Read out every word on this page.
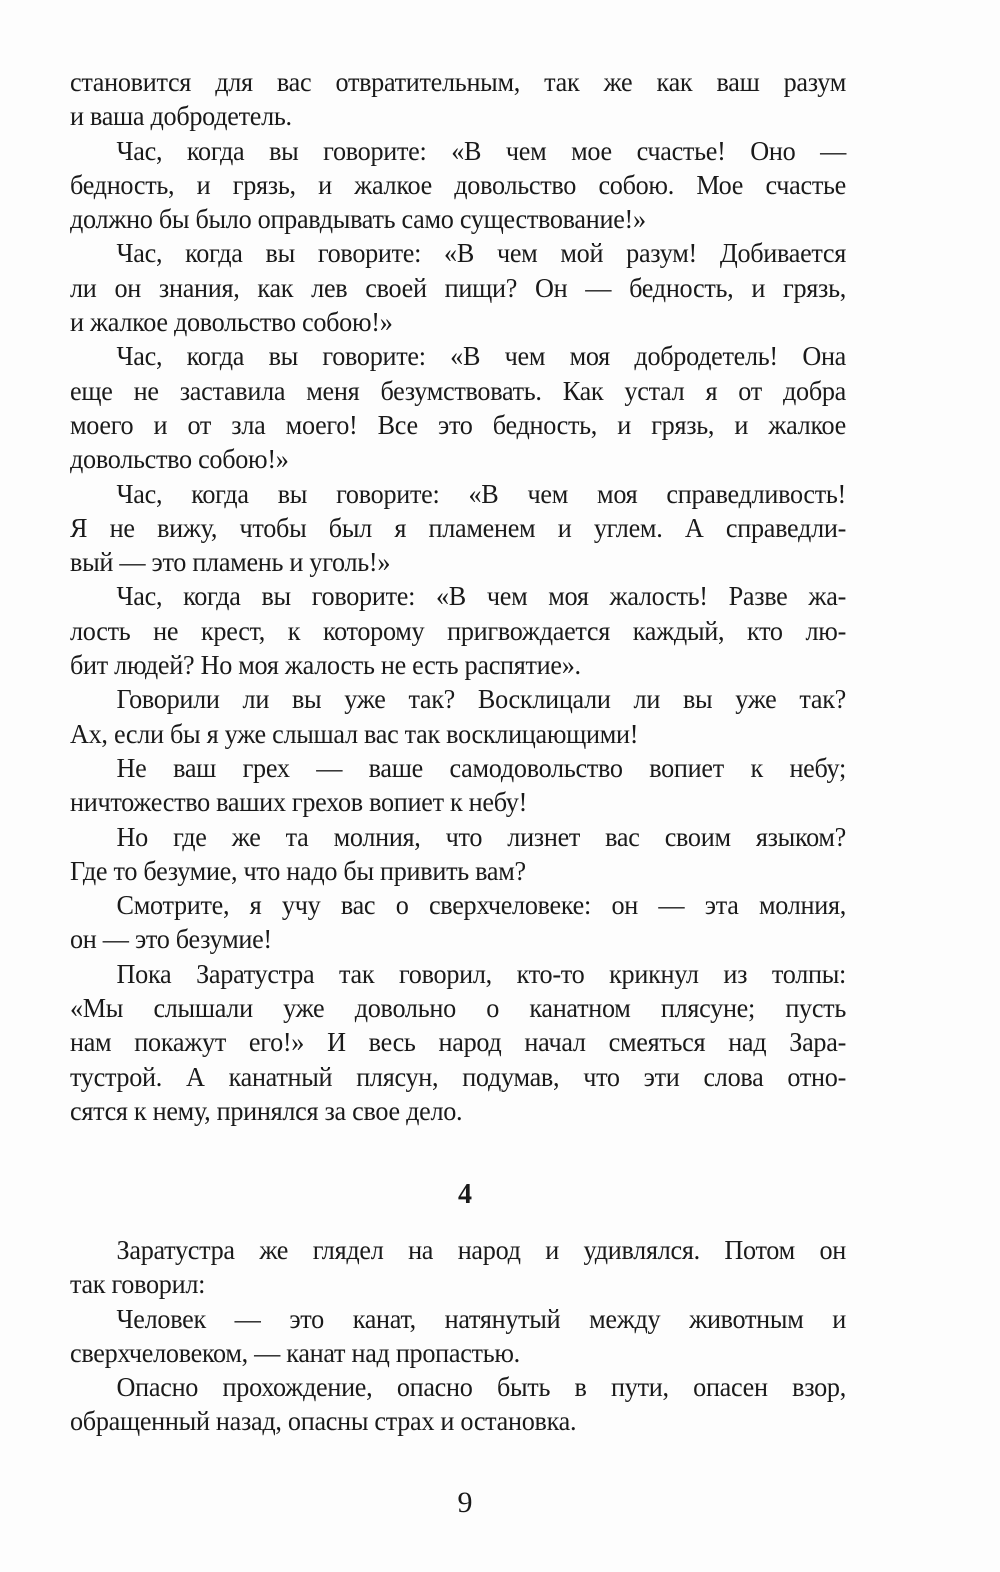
становится для вас отвратительным, так же как ваш разум
и ваша добродетель.
Час, когда вы говорите: «В чем мое счастье! Оно —
бедность, и грязь, и жалкое довольство собою. Мое счастье
должно бы было оправдывать само существование!»
Час, когда вы говорите: «В чем мой разум! Добивается
ли он знания, как лев своей пищи? Он — бедность, и грязь,
и жалкое довольство собою!»
Час, когда вы говорите: «В чем моя добродетель! Она
еще не заставила меня безумствовать. Как устал я от добра
моего и от зла моего! Все это бедность, и грязь, и жалкое
довольство собою!»
Час, когда вы говорите: «В чем моя справедливость!
Я не вижу, чтобы был я пламенем и углем. А справедли-
вый — это пламень и уголь!»
Час, когда вы говорите: «В чем моя жалость! Разве жа-
лость не крест, к которому пригвождается каждый, кто лю-
бит людей? Но моя жалость не есть распятие».
Говорили ли вы уже так? Восклицали ли вы уже так?
Ах, если бы я уже слышал вас так восклицающими!
Не ваш грех — ваше самодовольство вопиет к небу;
ничтожество ваших грехов вопиет к небу!
Но где же та молния, что лизнет вас своим языком?
Где то безумие, что надо бы привить вам?
Смотрите, я учу вас о сверхчеловеке: он — эта молния,
он — это безумие!
Пока Заратустра так говорил, кто-то крикнул из толпы:
«Мы слышали уже довольно о канатном плясуне; пусть
нам покажут его!» И весь народ начал смеяться над Зара-
тустрой. А канатный плясун, подумав, что эти слова отно-
сятся к нему, принялся за свое дело.
4
Заратустра же глядел на народ и удивлялся. Потом он
так говорил:
Человек — это канат, натянутый между животным и
сверхчеловеком, — канат над пропастью.
Опасно прохождение, опасно быть в пути, опасен взор,
обращенный назад, опасны страх и остановка.
9
